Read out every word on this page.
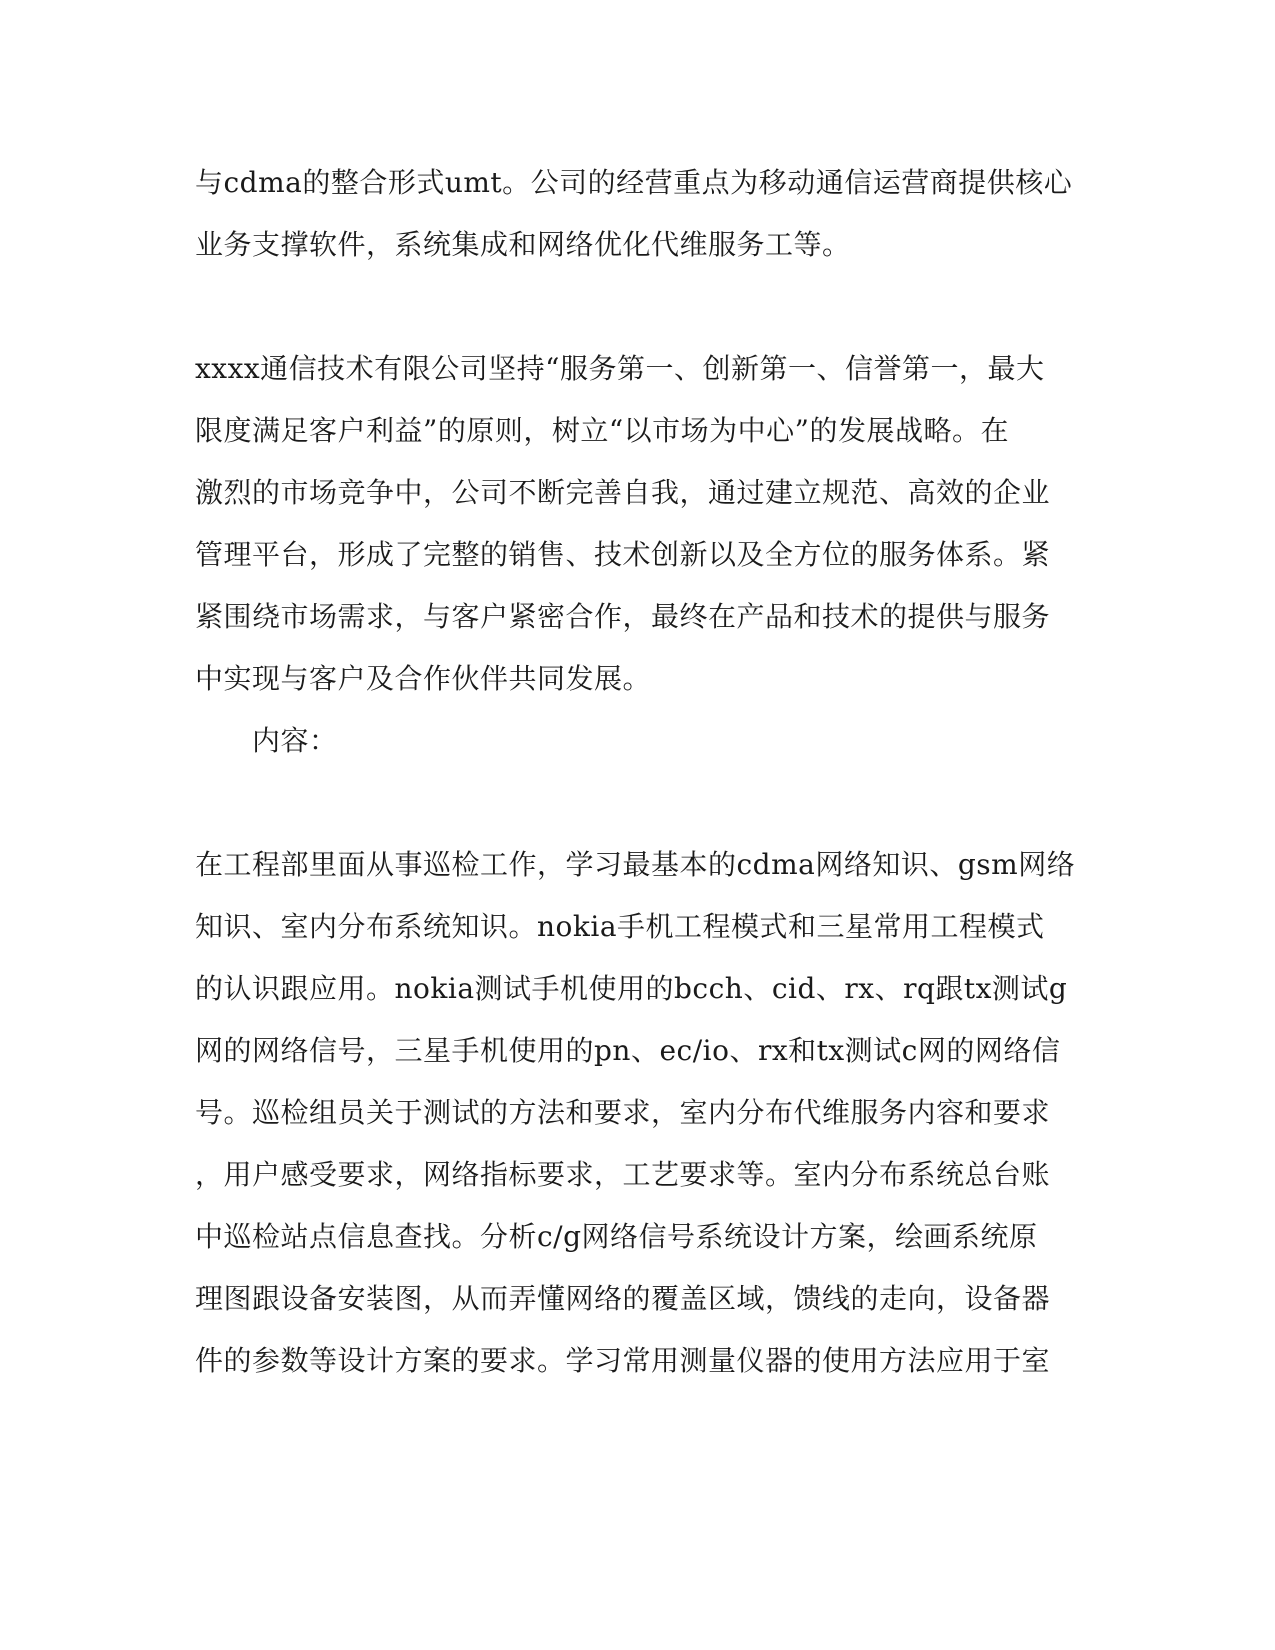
与cdma的整合形式umt。公司的经营重点为移动通信运营商提供核心
业务支撑软件，系统集成和网络优化代维服务工等。
xxxx通信技术有限公司坚持“服务第一、创新第一、信誉第一，最大
限度满足客户利益”的原则，树立“以市场为中心”的发展战略。在
激烈的市场竞争中，公司不断完善自我，通过建立规范、高效的企业
管理平台，形成了完整的销售、技术创新以及全方位的服务体系。紧
紧围绕市场需求，与客户紧密合作，最终在产品和技术的提供与服务
中实现与客户及合作伙伴共同发展。
内容：
在工程部里面从事巡检工作，学习最基本的cdma网络知识、gsm网络
知识、室内分布系统知识。nokia手机工程模式和三星常用工程模式
的认识跟应用。nokia测试手机使用的bcch、cid、rx、rq跟tx测试g
网的网络信号，三星手机使用的pn、ec/io、rx和tx测试c网的网络信
号。巡检组员关于测试的方法和要求，室内分布代维服务内容和要求
，用户感受要求，网络指标要求，工艺要求等。室内分布系统总台账
中巡检站点信息查找。分析c/g网络信号系统设计方案，绘画系统原
理图跟设备安装图，从而弄懂网络的覆盖区域，馈线的走向，设备器
件的参数等设计方案的要求。学习常用测量仪器的使用方法应用于室
